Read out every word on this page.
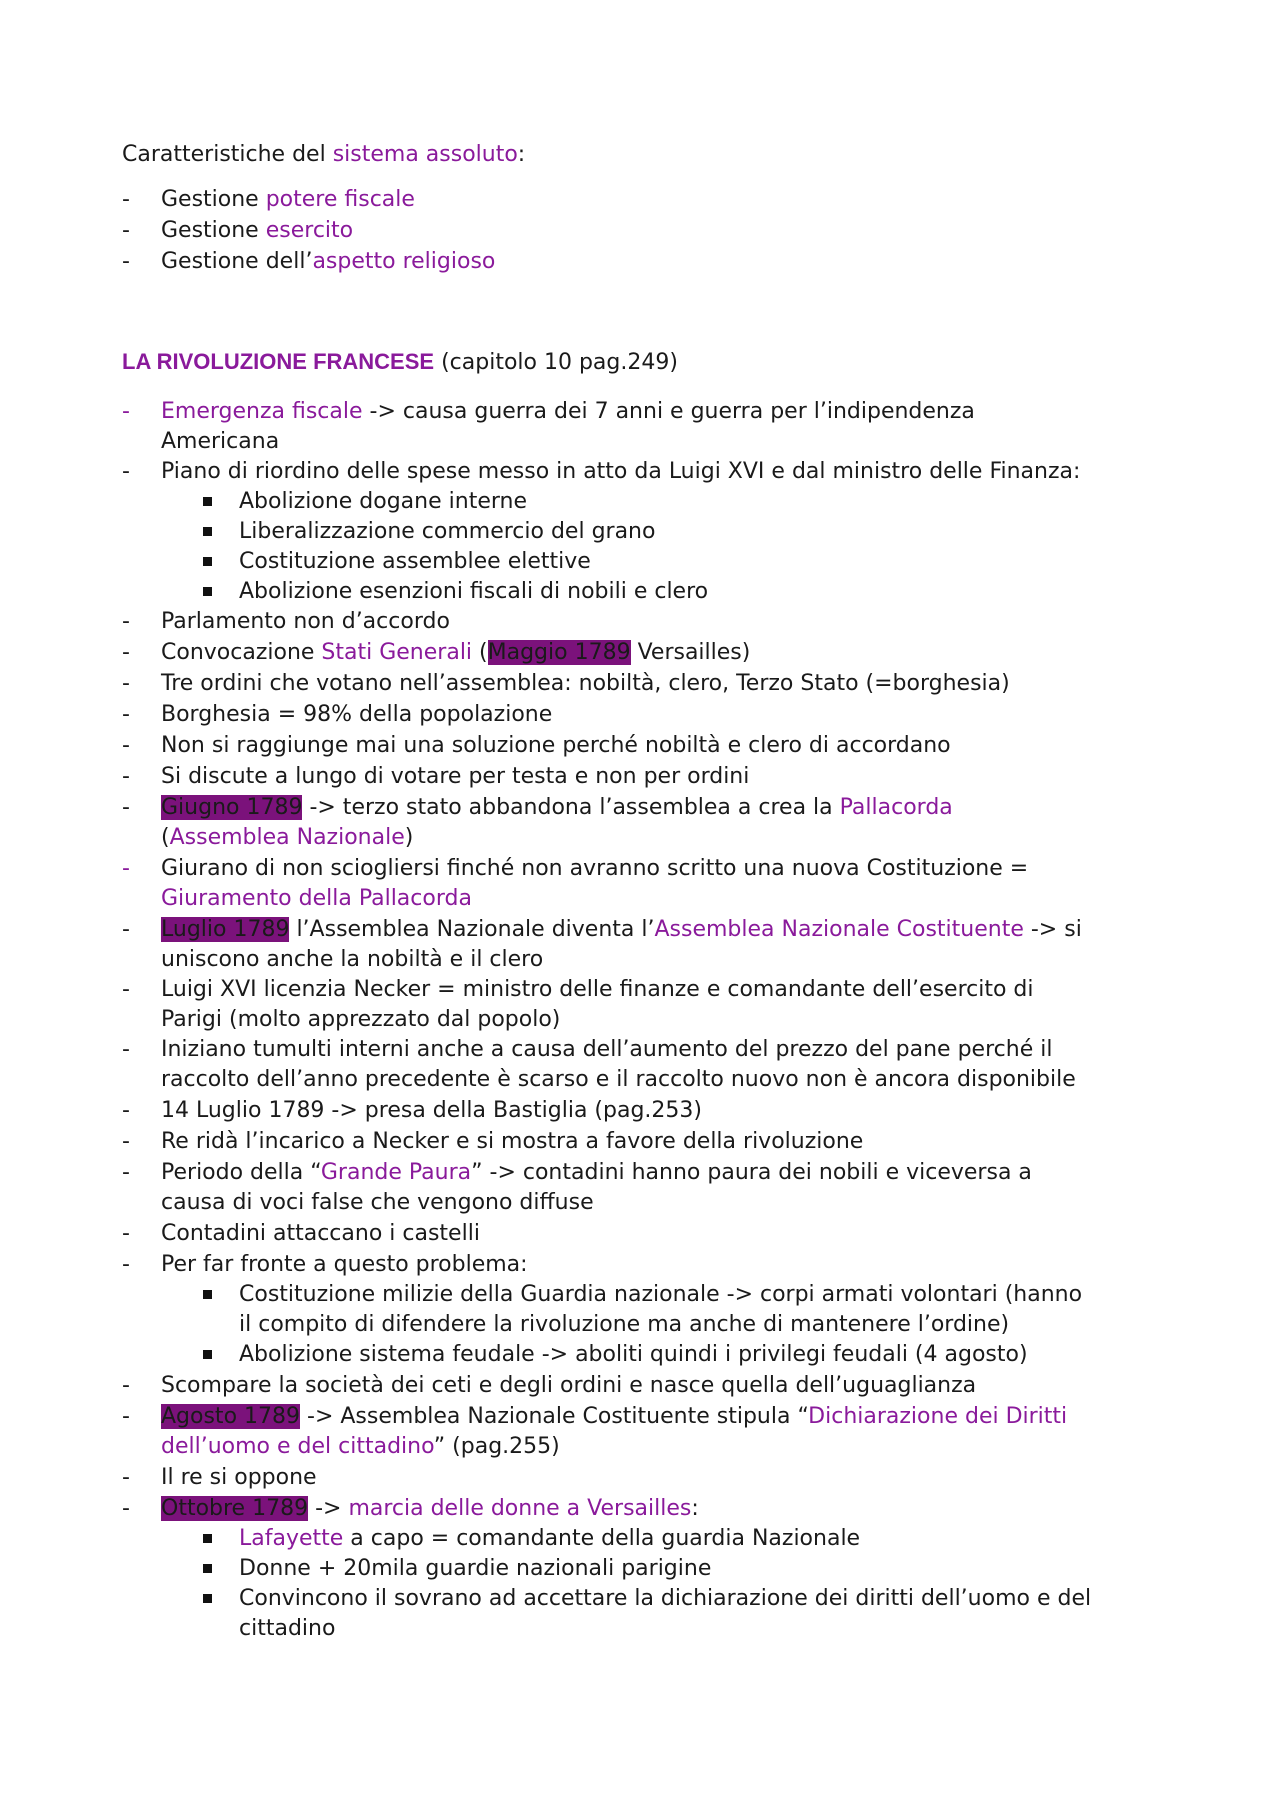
Caratteristiche del sistema assoluto:
- Gestione potere fiscale
- Gestione esercito
- Gestione dell’aspetto religioso
LA RIVOLUZIONE FRANCESE (capitolo 10 pag.249)
- Emergenza fiscale -> causa guerra dei 7 anni e guerra per l’indipendenza
Americana
- Piano di riordino delle spese messo in atto da Luigi XVI e dal ministro delle Finanza:
Abolizione dogane interne
Liberalizzazione commercio del grano
Costituzione assemblee elettive
Abolizione esenzioni fiscali di nobili e clero
- Parlamento non d’accordo
- Convocazione Stati Generali (Maggio 1789 Versailles)
- Tre ordini che votano nell’assemblea: nobiltà, clero, Terzo Stato (=borghesia)
- Borghesia = 98% della popolazione
- Non si raggiunge mai una soluzione perché nobiltà e clero di accordano
- Si discute a lungo di votare per testa e non per ordini
- Giugno 1789 -> terzo stato abbandona l’assemblea a crea la Pallacorda
(Assemblea Nazionale)
- Giurano di non sciogliersi finché non avranno scritto una nuova Costituzione =
Giuramento della Pallacorda
- Luglio 1789 l’Assemblea Nazionale diventa l’Assemblea Nazionale Costituente -> si
uniscono anche la nobiltà e il clero
- Luigi XVI licenzia Necker = ministro delle finanze e comandante dell’esercito di
Parigi (molto apprezzato dal popolo)
- Iniziano tumulti interni anche a causa dell’aumento del prezzo del pane perché il
raccolto dell’anno precedente è scarso e il raccolto nuovo non è ancora disponibile
- 14 Luglio 1789 -> presa della Bastiglia (pag.253)
- Re ridà l’incarico a Necker e si mostra a favore della rivoluzione
- Periodo della “Grande Paura” -> contadini hanno paura dei nobili e viceversa a
causa di voci false che vengono diffuse
- Contadini attaccano i castelli
- Per far fronte a questo problema:
Costituzione milizie della Guardia nazionale -> corpi armati volontari (hanno
il compito di difendere la rivoluzione ma anche di mantenere l’ordine)
Abolizione sistema feudale -> aboliti quindi i privilegi feudali (4 agosto)
- Scompare la società dei ceti e degli ordini e nasce quella dell’uguaglianza
- Agosto 1789 -> Assemblea Nazionale Costituente stipula “Dichiarazione dei Diritti
dell’uomo e del cittadino” (pag.255)
- Il re si oppone
- Ottobre 1789 -> marcia delle donne a Versailles:
Lafayette a capo = comandante della guardia Nazionale
Donne + 20mila guardie nazionali parigine
Convincono il sovrano ad accettare la dichiarazione dei diritti dell’uomo e del
cittadino
